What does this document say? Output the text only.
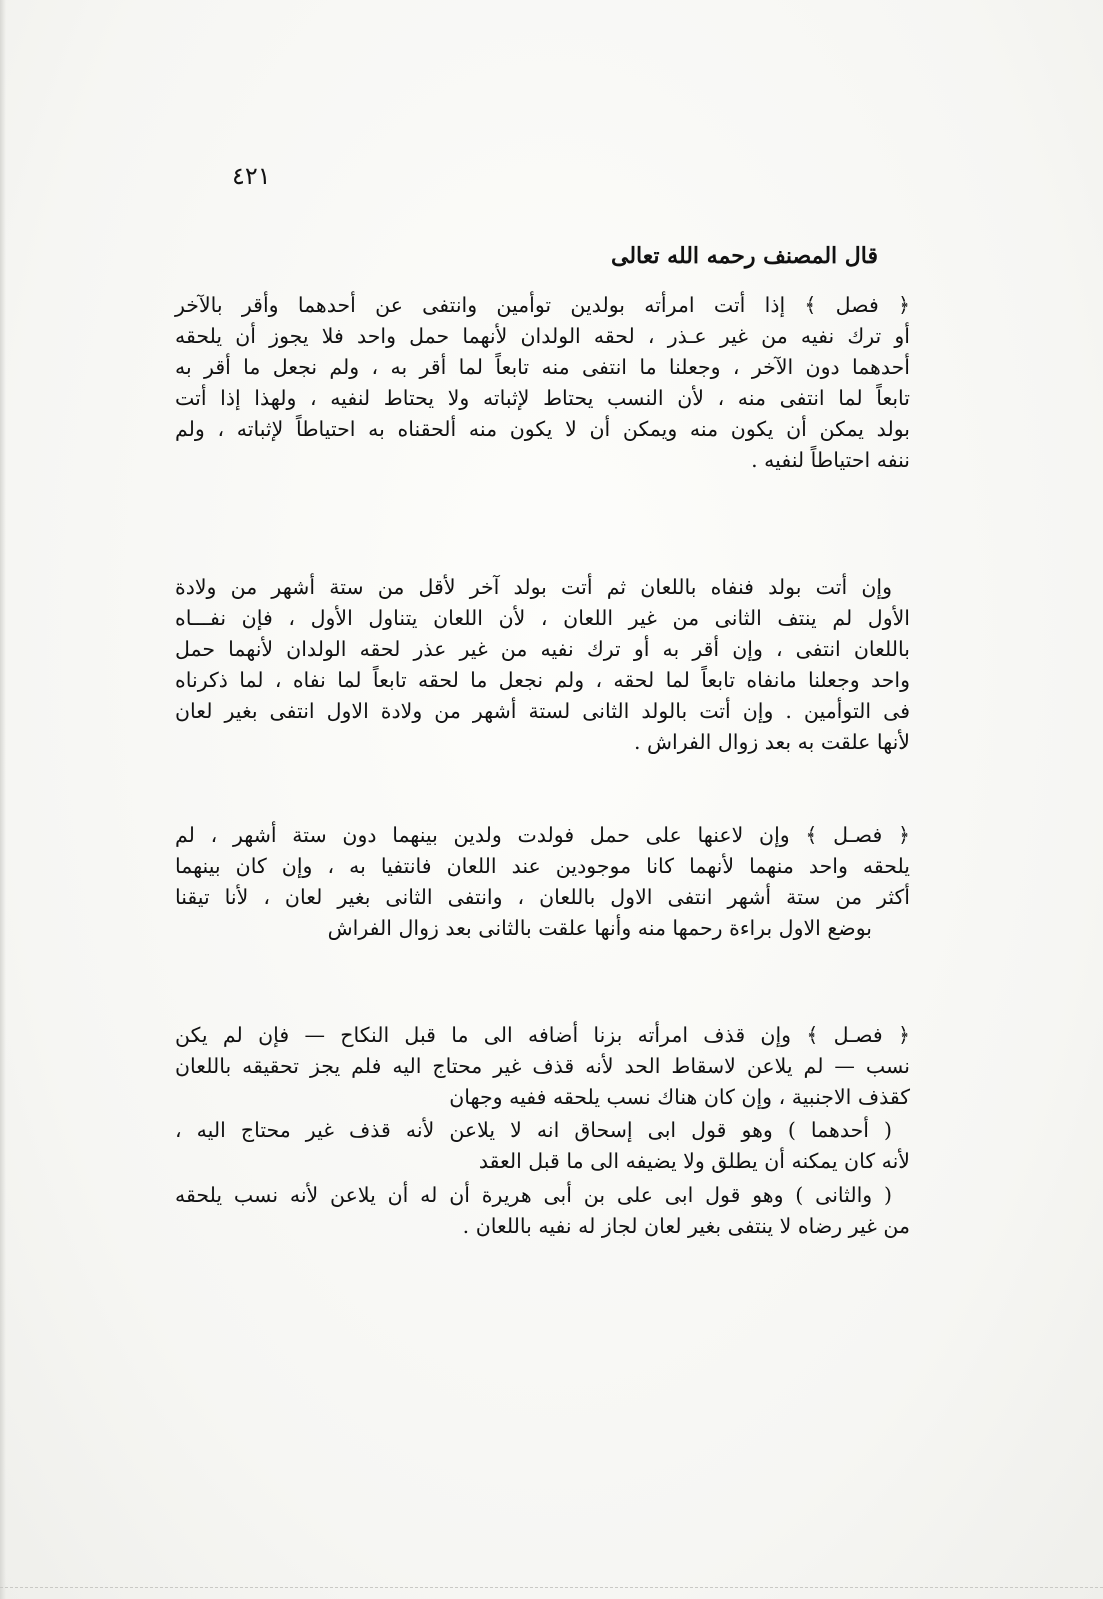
٤٢١
قال المصنف رحمه الله تعالى
﴿ فصل ﴾ إذا أتت امرأته بولدين توأمين وانتفى عن أحدهما وأقر بالآخر
أو ترك نفيه من غير عـذر ، لحقه الولدان لأنهما حمل واحد فلا يجوز أن يلحقه
أحدهما دون الآخر ، وجعلنا ما انتفى منه تابعاً لما أقر به ، ولم نجعل ما أقر به
تابعاً لما انتفى منه ، لأن النسب يحتاط لإثباته ولا يحتاط لنفيه ، ولهذا إذا أتت
بولد يمكن أن يكون منه ويمكن أن لا يكون منه ألحقناه به احتياطاً لإثباته ، ولم
ننفه احتياطاً لنفيه .
وإن أتت بولد فنفاه باللعان ثم أتت بولد آخر لأقل من ستة أشهر من ولادة
الأول لم ينتف الثانى من غير اللعان ، لأن اللعان يتناول الأول ، فإن نفـــاه
باللعان انتفى ، وإن أقر به أو ترك نفيه من غير عذر لحقه الولدان لأنهما حمل
واحد وجعلنا مانفاه تابعاً لما لحقه ، ولم نجعل ما لحقه تابعاً لما نفاه ، لما ذكرناه
فى التوأمين . وإن أتت بالولد الثانى لستة أشهر من ولادة الاول انتفى بغير لعان
لأنها علقت به بعد زوال الفراش .
﴿ فصـل ﴾ وإن لاعنها على حمل فولدت ولدين بينهما دون ستة أشهر ، لم
يلحقه واحد منهما لأنهما كانا موجودين عند اللعان فانتفيا به ، وإن كان بينهما
أكثر من ستة أشهر انتفى الاول باللعان ، وانتفى الثانى بغير لعان ، لأنا تيقنا
بوضع الاول براءة رحمها منه وأنها علقت بالثانى بعد زوال الفراش
﴿ فصـل ﴾ وإن قذف امرأته بزنا أضافه الى ما قبل النكاح — فإن لم يكن
نسب — لم يلاعن لاسقاط الحد لأنه قذف غير محتاج اليه فلم يجز تحقيقه باللعان
كقذف الاجنبية ، وإن كان هناك نسب يلحقه ففيه وجهان
( أحدهما ) وهو قول ابى إسحاق انه لا يلاعن لأنه قذف غير محتاج اليه ،
لأنه كان يمكنه أن يطلق ولا يضيفه الى ما قبل العقد
( والثانى ) وهو قول ابى على بن أبى هريرة أن له أن يلاعن لأنه نسب يلحقه
من غير رضاه لا ينتفى بغير لعان لجاز له نفيه باللعان .
